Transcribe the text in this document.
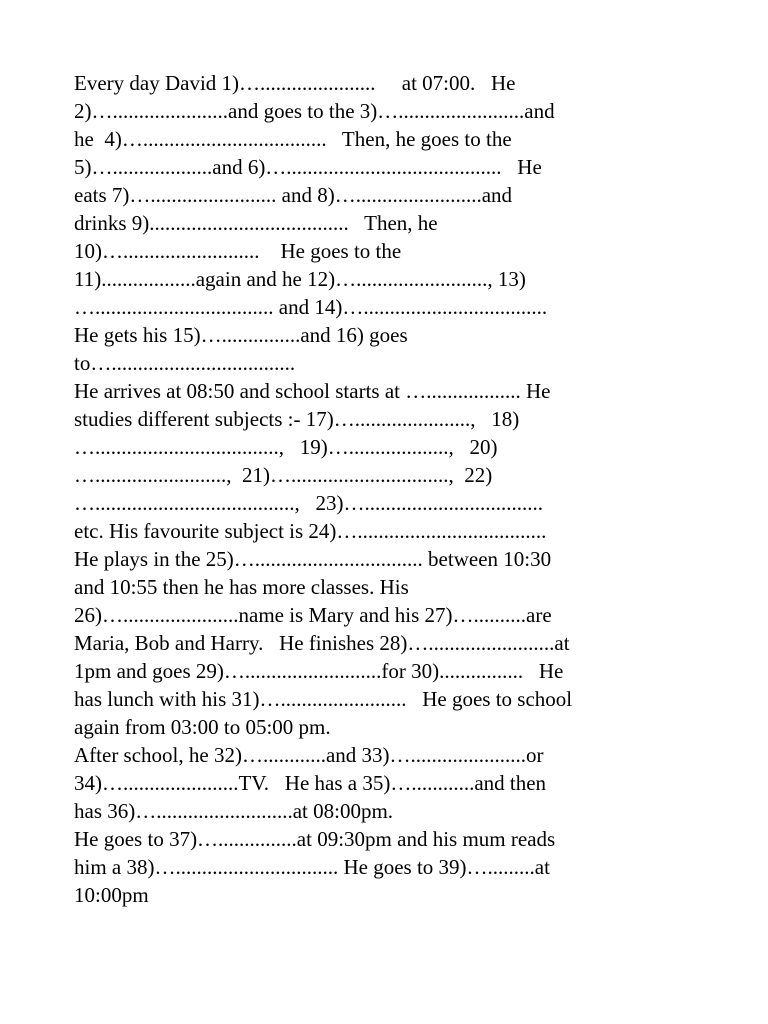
Every day David 1)…......................     at 07:00.   He
2)…......................and goes to the 3)…........................and
he  4)…...................................   Then, he goes to the
5)…...................and 6)….........................................   He
eats 7)…........................ and 8)…........................and
drinks 9)......................................   Then, he
10)…..........................    He goes to the
11)..................again and he 12)…........................., 13)
….................................. and 14)…...................................
He gets his 15)…...............and 16) goes
to…...................................
He arrives at 08:50 and school starts at ….................. He
studies different subjects :- 17)…......................,   18)
…...................................,   19)…...................,   20)
….........................,  21)…..............................,  22)
…......................................,   23)…..................................
etc. His favourite subject is 24)…....................................
He plays in the 25)…................................ between 10:30
and 10:55 then he has more classes. His
26)…......................name is Mary and his 27)…..........are
Maria, Bob and Harry.   He finishes 28)…........................at
1pm and goes 29)…..........................for 30)................   He
has lunch with his 31)…........................   He goes to school
again from 03:00 to 05:00 pm.
After school, he 32)…............and 33)…......................or
34)…......................TV.   He has a 35)…............and then
has 36)…..........................at 08:00pm.
He goes to 37)…...............at 09:30pm and his mum reads
him a 38)…............................... He goes to 39)….........at
10:00pm
